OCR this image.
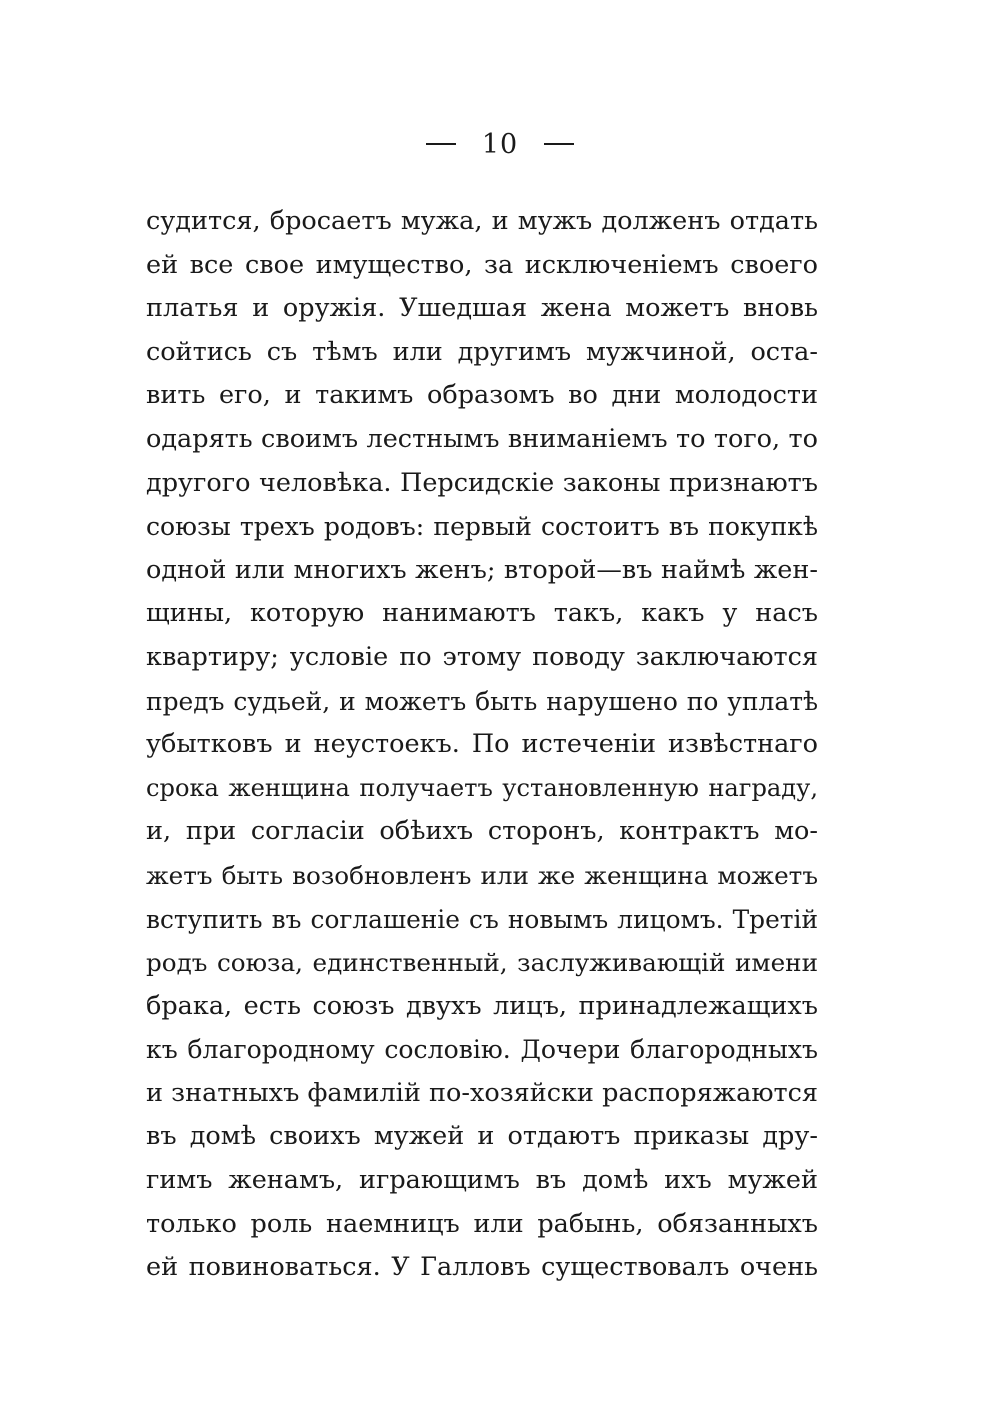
10
судится, бросаетъ мужа, и мужъ долженъ отдать
ей все свое имущество, за исключеніемъ своего
платья и оружія. Ушедшая жена можетъ вновь
сойтись съ тѣмъ или другимъ мужчиной, оста-
вить его, и такимъ образомъ во дни молодости
одарять своимъ лестнымъ вниманіемъ то того, то
другого человѣка. Персидскіе законы признаютъ
союзы трехъ родовъ: первый состоитъ въ покупкѣ
одной или многихъ женъ; второй—въ наймѣ жен-
щины, которую нанимаютъ такъ, какъ у насъ
квартиру; условіе по этому поводу заключаются
предъ судьей, и можетъ быть нарушено по уплатѣ
убытковъ и неустоекъ. По истеченіи извѣстнаго
срока женщина получаетъ установленную награду,
и, при согласіи обѣихъ сторонъ, контрактъ мо-
жетъ быть возобновленъ или же женщина можетъ
вступить въ соглашеніе съ новымъ лицомъ. Третій
родъ союза, единственный, заслуживающій имени
брака, есть союзъ двухъ лицъ, принадлежащихъ
къ благородному сословію. Дочери благородныхъ
и знатныхъ фамилій по-хозяйски распоряжаются
въ домѣ своихъ мужей и отдаютъ приказы дру-
гимъ женамъ, играющимъ въ домѣ ихъ мужей
только роль наемницъ или рабынь, обязанныхъ
ей повиноваться. У Галловъ существовалъ очень
